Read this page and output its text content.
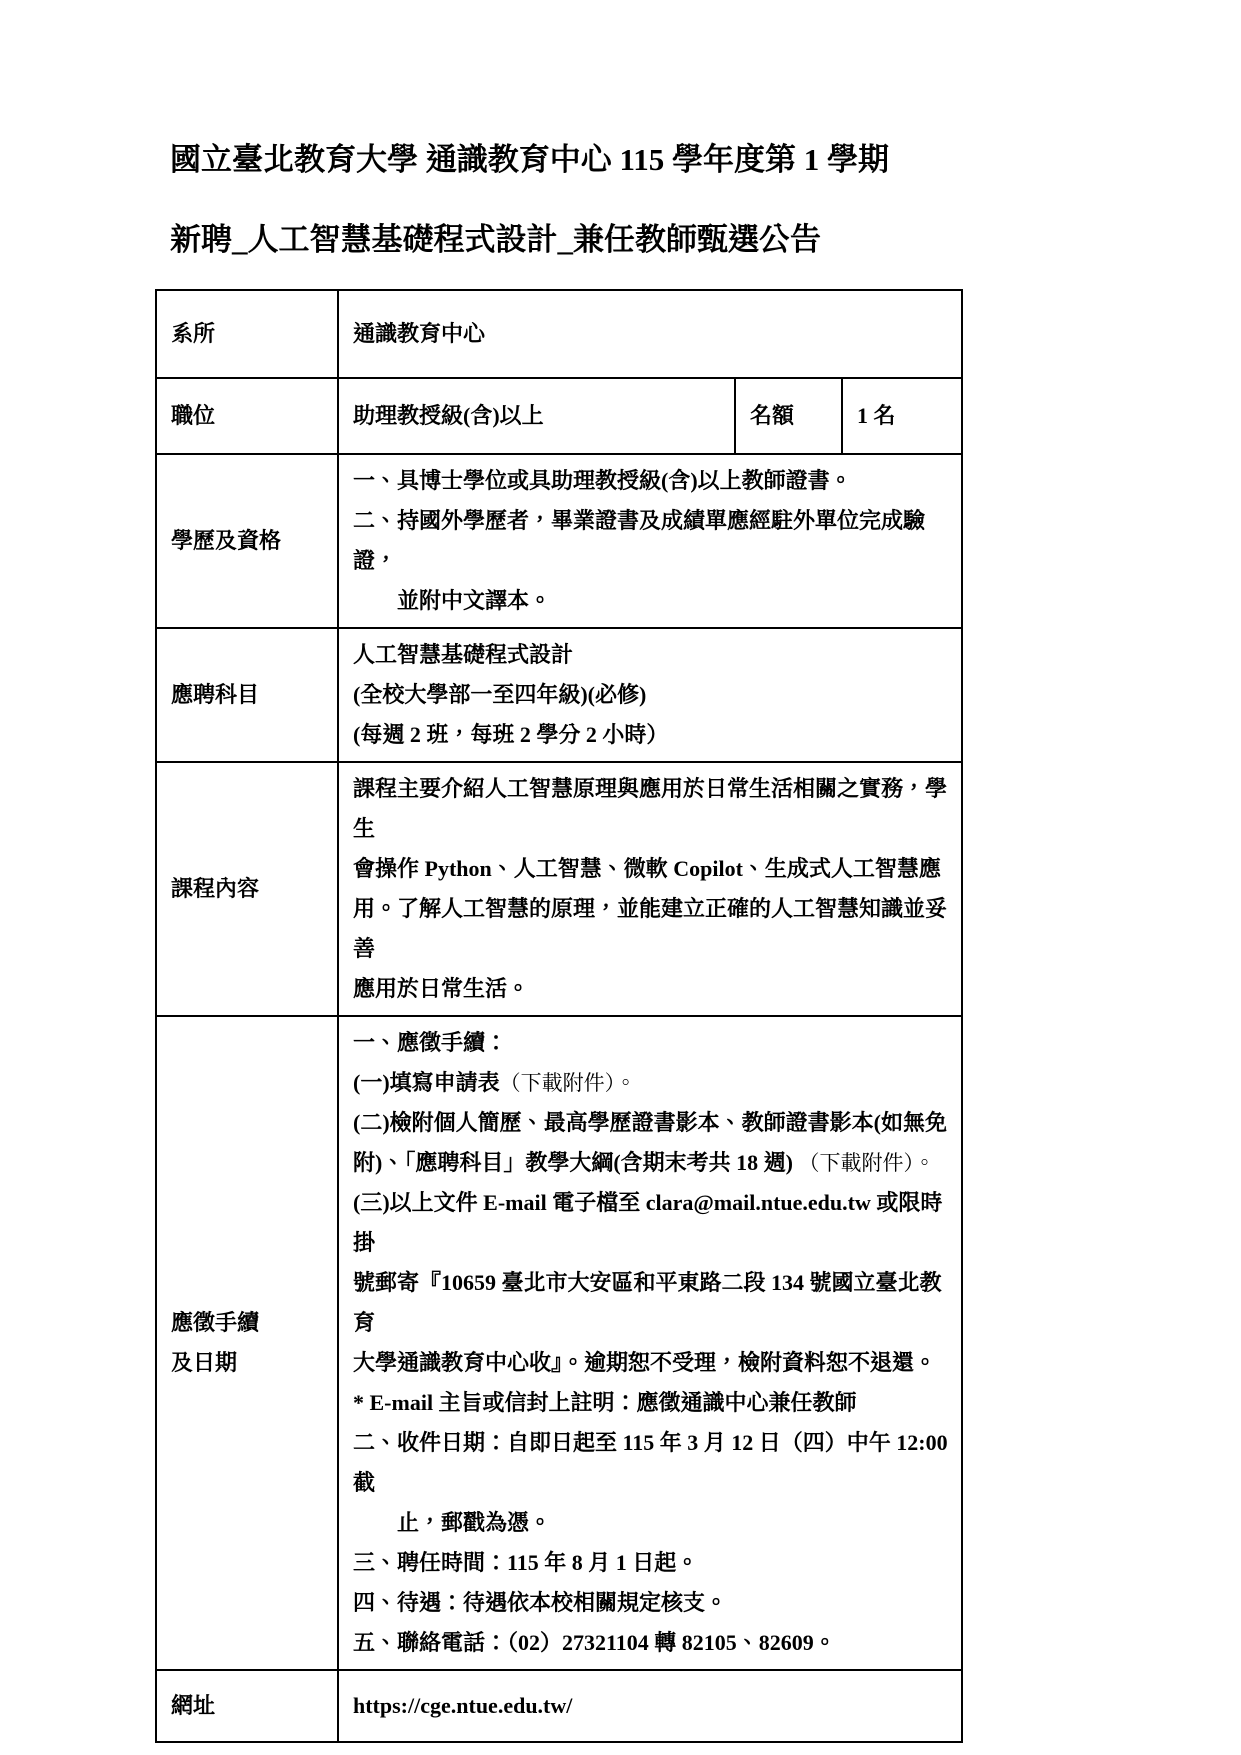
國立臺北教育大學 通識教育中心 115 學年度第 1 學期
新聘_人工智慧基礎程式設計_兼任教師甄選公告
系所	通識教育中心		
職位	助理教授級(含)以上	名額	1 名
學歷及資格	一、具博士學位或具助理教授級(含)以上教師證書。
二、持國外學歷者，畢業證書及成績單應經駐外單位完成驗證，
並附中文譯本。		

應聘科目	人工智慧基礎程式設計
(全校大學部一至四年級)(必修)
(每週 2 班，每班 2 學分 2 小時）		

課程內容	課程主要介紹人工智慧原理與應用於日常生活相關之實務，學生
會操作 Python、人工智慧、微軟 Copilot、生成式人工智慧應
用。了解人工智慧的原理，並能建立正確的人工智慧知識並妥善
應用於日常生活。		

應徵手續
及日期

一、應徵手續：
(一)填寫申請表（下載附件）。
(二)檢附個人簡歷、最高學歷證書影本、教師證書影本(如無免
附)、「應聘科目」教學大綱(含期末考共 18 週) （下載附件）。
(三)以上文件 E-mail 電子檔至 clara@mail.ntue.edu.tw 或限時掛
號郵寄『10659 臺北市大安區和平東路二段 134 號國立臺北教育
大學通識教育中心收』。逾期恕不受理，檢附資料恕不退還。
* E-mail 主旨或信封上註明：應徵通識中心兼任教師
二、收件日期：自即日起至 115 年 3 月 12 日（四）中午 12:00 截
止，郵戳為憑。
三、聘任時間：115 年 8 月 1 日起。
四、待遇：待遇依本校相關規定核支。
五、聯絡電話：（02）27321104 轉 82105、82609。

網址	https://cge.ntue.edu.tw/		
